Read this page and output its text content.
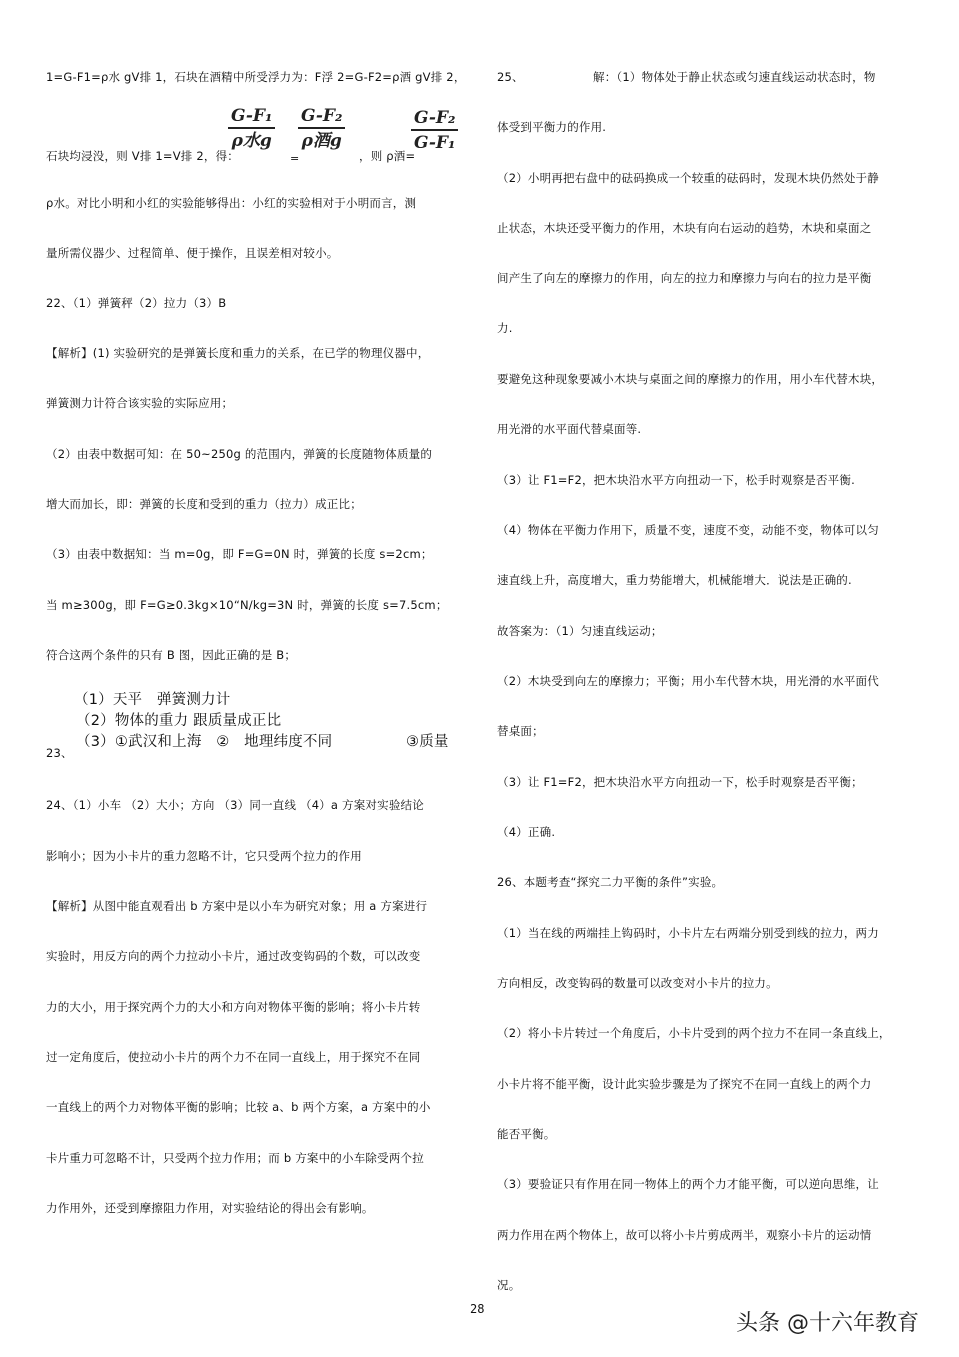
1=G-F1=ρ水 gV排 1，石块在酒精中所受浮力为：F浮 2=G-F2=ρ酒 gV排 2，
石块均浸没，则 V排 1=V排 2，得：
G-F₁
ρ水g
=
G-F₂
ρ酒g
，则 ρ酒=
G-F₂
G-F₁
ρ水。对比小明和小红的实验能够得出：小红的实验相对于小明而言，测
量所需仪器少、过程简单、便于操作，且误差相对较小。
22、（1）弹簧秤（2）拉力（3）B
【解析】(1) 实验研究的是弹簧长度和重力的关系，在已学的物理仪器中，
弹簧测力计符合该实验的实际应用；
（2）由表中数据可知：在 50~250g 的范围内，弹簧的长度随物体质量的
增大而加长，即：弹簧的长度和受到的重力（拉力）成正比；
（3）由表中数据知：当 m=0g，即 F=G=0N 时，弹簧的长度 s=2cm；
当 m≥300g，即 F=G≥0.3kg×10“N/kg=3N 时，弹簧的长度 s=7.5cm；
符合这两个条件的只有 B 图，因此正确的是 B；
（1）天平　弹簧测力计
（2）物体的重力 跟质量成正比
（3）①武汉和上海　②　地理纬度不同	③质量
23、
24、（1）小车 （2）大小；方向 （3）同一直线 （4）a 方案对实验结论
影响小；因为小卡片的重力忽略不计，它只受两个拉力的作用
【解析】从图中能直观看出 b 方案中是以小车为研究对象；用 a 方案进行
实验时，用反方向的两个力拉动小卡片，通过改变钩码的个数，可以改变
力的大小，用于探究两个力的大小和方向对物体平衡的影响；将小卡片转
过一定角度后，使拉动小卡片的两个力不在同一直线上，用于探究不在同
一直线上的两个力对物体平衡的影响；比较 a、b 两个方案，a 方案中的小
卡片重力可忽略不计，只受两个拉力作用；而 b 方案中的小车除受两个拉
力作用外，还受到摩擦阻力作用，对实验结论的得出会有影响。
25、	解：（1）物体处于静止状态或匀速直线运动状态时，物
体受到平衡力的作用.
（2）小明再把右盘中的砝码换成一个较重的砝码时，发现木块仍然处于静
止状态，木块还受平衡力的作用，木块有向右运动的趋势，木块和桌面之
间产生了向左的摩擦力的作用，向左的拉力和摩擦力与向右的拉力是平衡
力.
要避免这种现象要减小木块与桌面之间的摩擦力的作用，用小车代替木块，
用光滑的水平面代替桌面等.
（3）让 F1=F2，把木块沿水平方向扭动一下，松手时观察是否平衡.
（4）物体在平衡力作用下，质量不变，速度不变，动能不变，物体可以匀
速直线上升，高度增大，重力势能增大，机械能增大．说法是正确的.
故答案为：（1）匀速直线运动；
（2）木块受到向左的摩擦力；平衡；用小车代替木块，用光滑的水平面代
替桌面；
（3）让 F1=F2，把木块沿水平方向扭动一下，松手时观察是否平衡；
（4）正确.
26、本题考查“探究二力平衡的条件”实验。
（1）当在线的两端挂上钩码时，小卡片左右两端分别受到线的拉力，两力
方向相反，改变钩码的数量可以改变对小卡片的拉力。
（2）将小卡片转过一个角度后，小卡片受到的两个拉力不在同一条直线上，
小卡片将不能平衡，设计此实验步骤是为了探究不在同一直线上的两个力
能否平衡。
（3）要验证只有作用在同一物体上的两个力才能平衡，可以逆向思维，让
两力作用在两个物体上，故可以将小卡片剪成两半，观察小卡片的运动情
况。
28
头条 @十六年教育
